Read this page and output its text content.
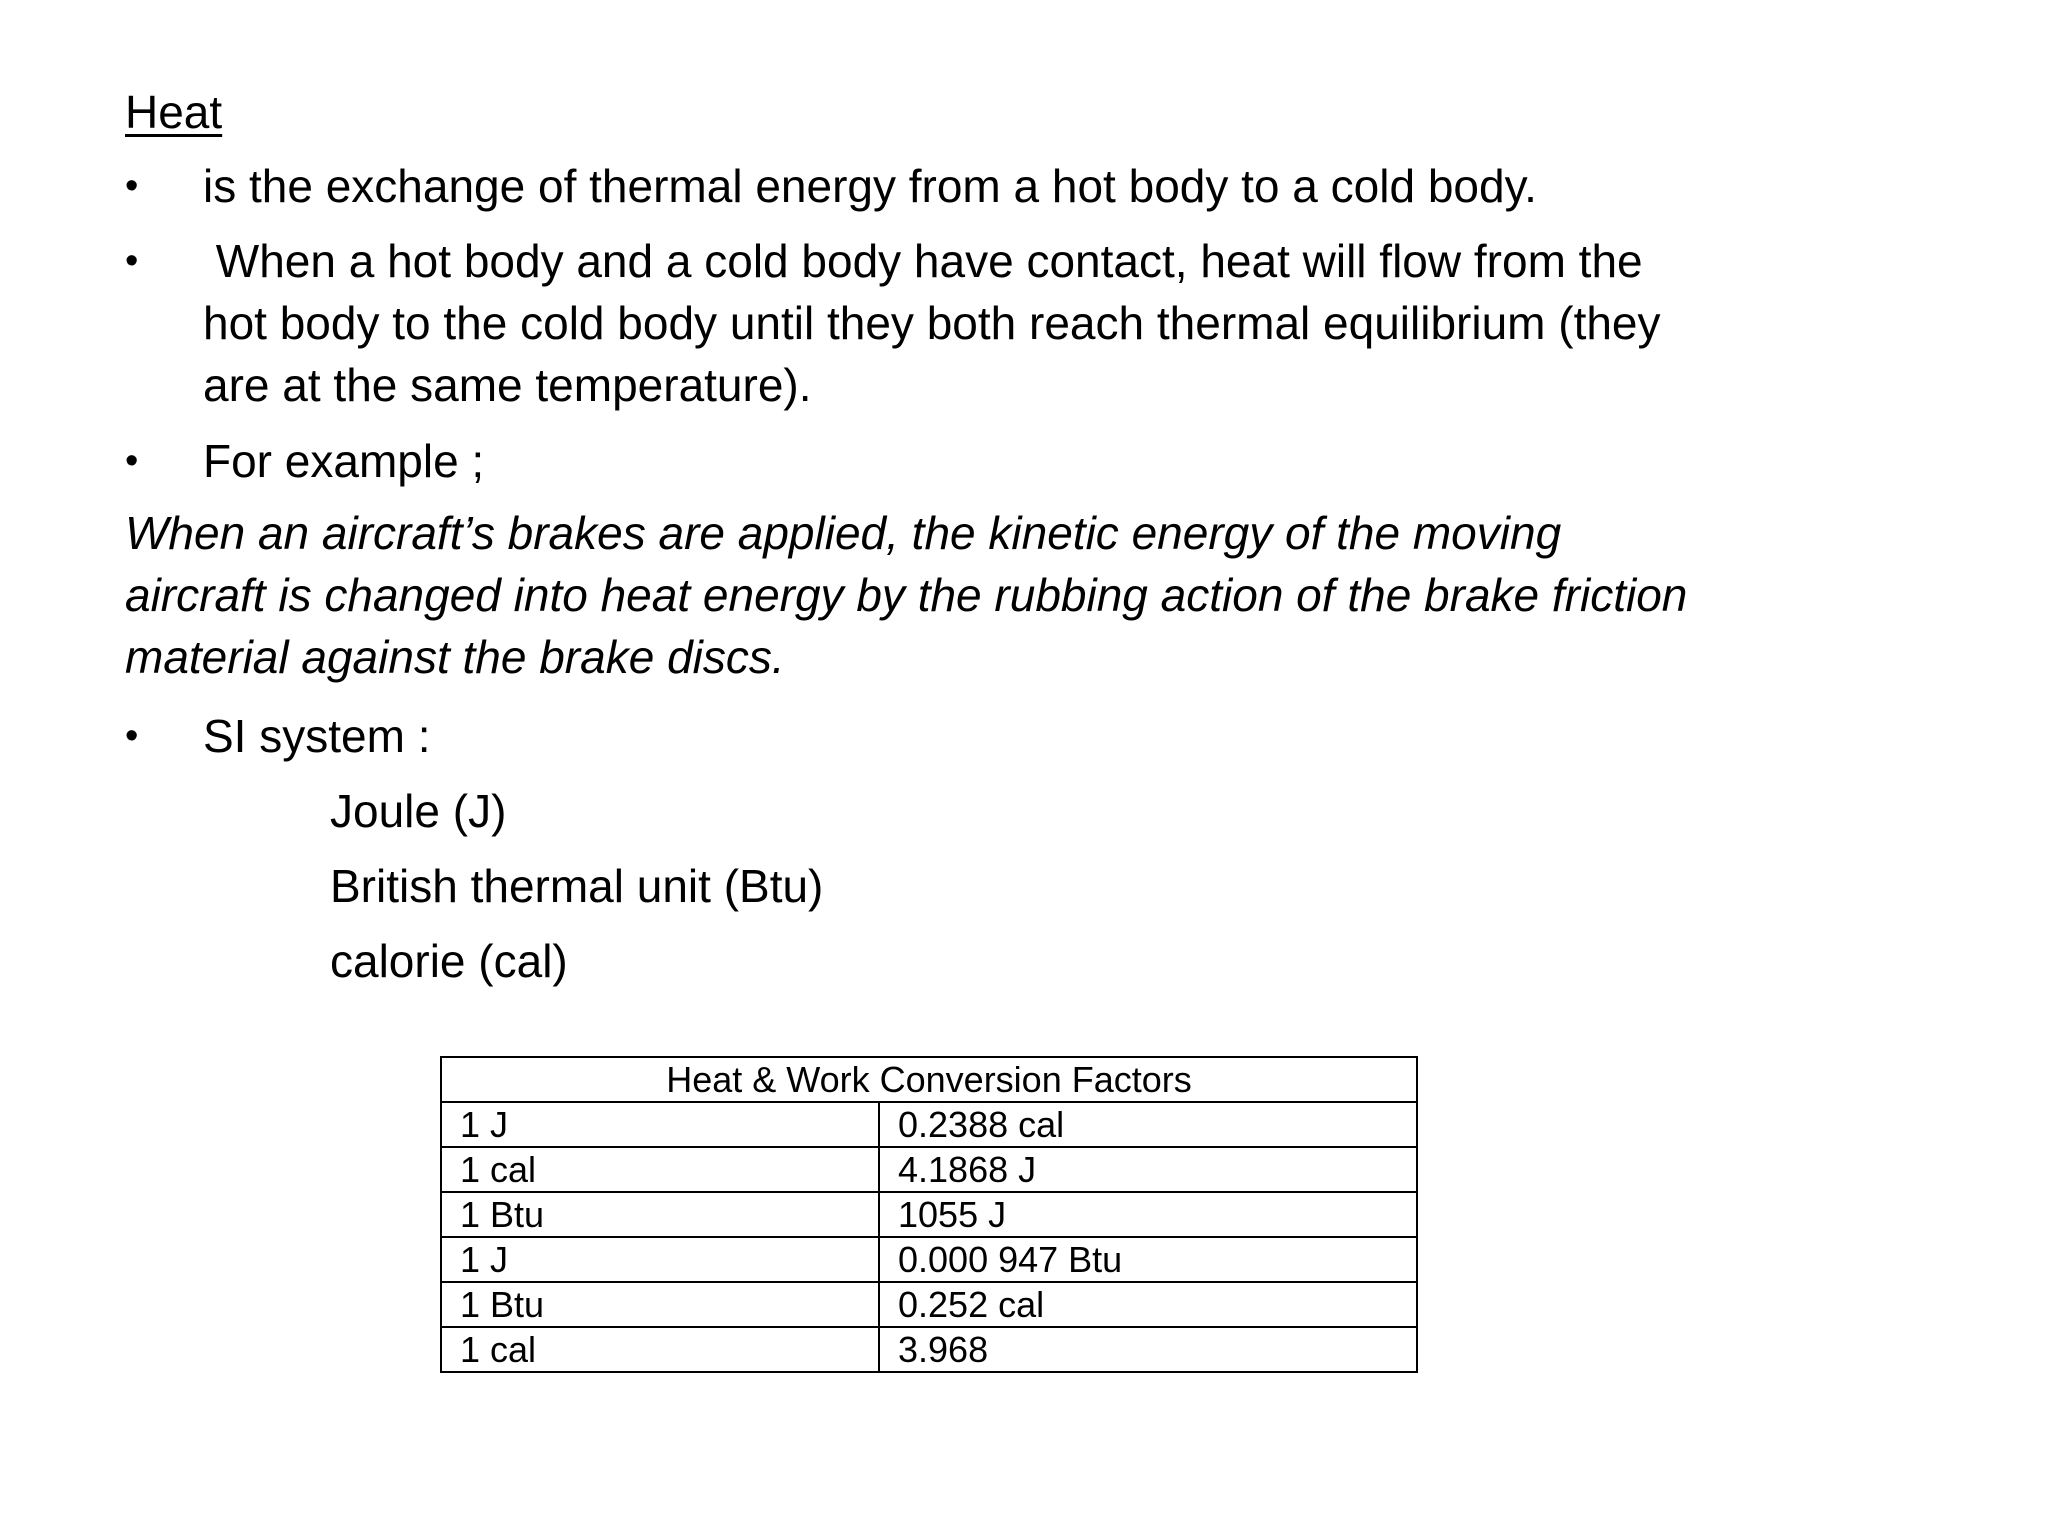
Heat
•	is the exchange of thermal energy from a hot body to a cold body.
•	When a hot body and a cold body have contact, heat will flow from the
hot body to the cold body until they both reach thermal equilibrium (they
are at the same temperature).
•	For example ;
When an aircraft’s brakes are applied, the kinetic energy of the moving
aircraft is changed into heat energy by the rubbing action of the brake friction
material against the brake discs.
•	SI system :
Joule (J)
British thermal unit (Btu)
calorie (cal)
Heat & Work Conversion Factors	
1 J	0.2388 cal
1 cal	4.1868 J
1 Btu	1055 J
1 J	0.000 947 Btu
1 Btu	0.252 cal
1 cal	3.968
